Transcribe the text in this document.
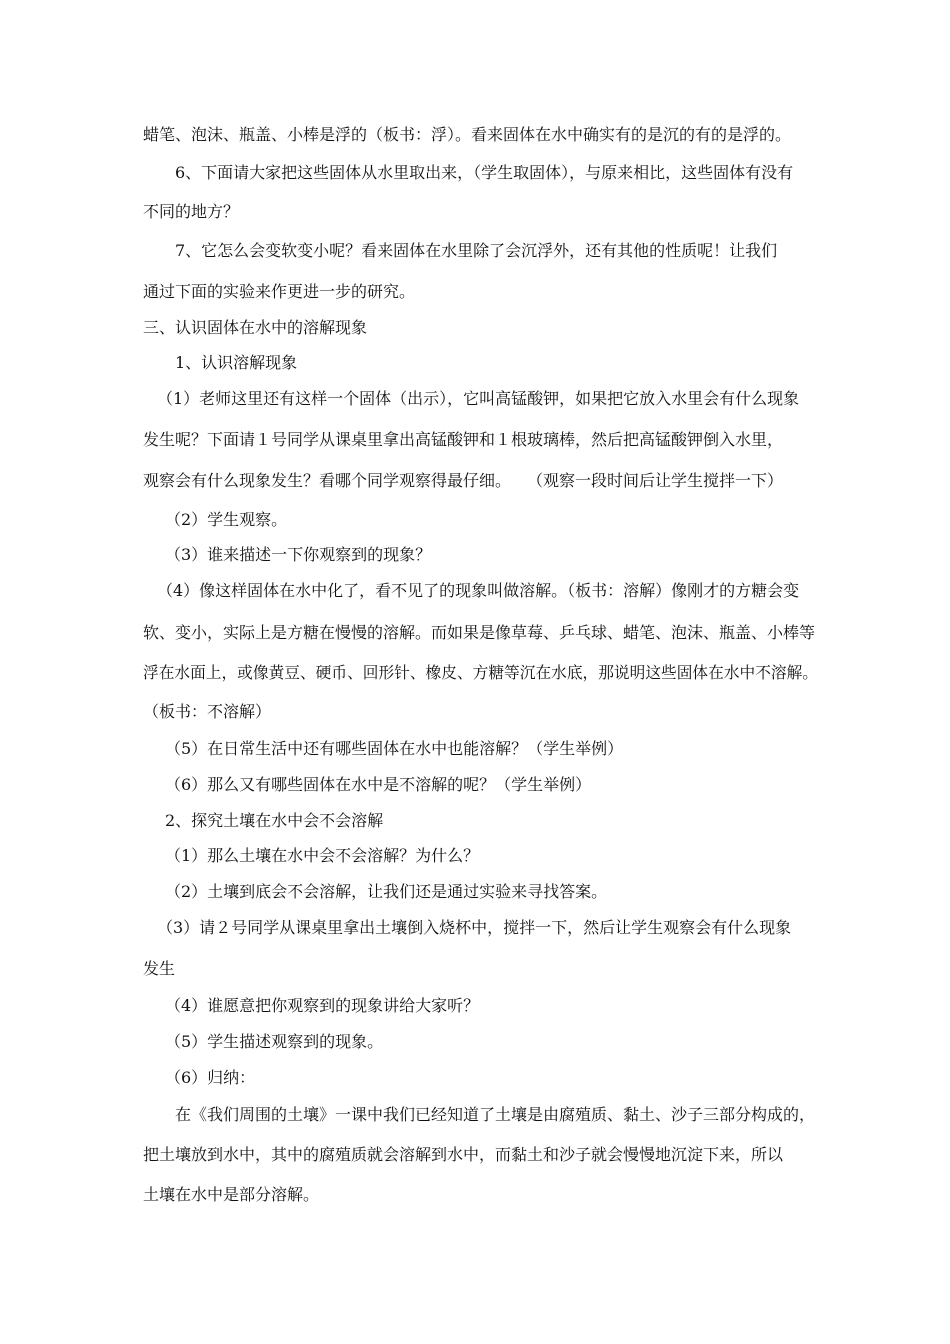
蜡笔、泡沫、瓶盖、小棒是浮的（板书：浮）。看来固体在水中确实有的是沉的有的是浮的。
6、下面请大家把这些固体从水里取出来，（学生取固体），与原来相比，这些固体有没有
不同的地方？
7、它怎么会变软变小呢？看来固体在水里除了会沉浮外，还有其他的性质呢！让我们
通过下面的实验来作更进一步的研究。
三、认识固体在水中的溶解现象
1、认识溶解现象
（1）老师这里还有这样一个固体（出示），它叫高锰酸钾，如果把它放入水里会有什么现象
发生呢？下面请１号同学从课桌里拿出高锰酸钾和１根玻璃棒，然后把高锰酸钾倒入水里，
观察会有什么现象发生？看哪个同学观察得最仔细。　　（观察一段时间后让学生搅拌一下）
（2）学生观察。
（3）谁来描述一下你观察到的现象？
（4）像这样固体在水中化了，看不见了的现象叫做溶解。（板书：溶解）像刚才的方糖会变
软、变小，实际上是方糖在慢慢的溶解。而如果是像草莓、乒乓球、蜡笔、泡沫、瓶盖、小棒等
浮在水面上，或像黄豆、硬币、回形针、橡皮、方糖等沉在水底，那说明这些固体在水中不溶解。
（板书：不溶解）
（5）在日常生活中还有哪些固体在水中也能溶解？（学生举例）
（6）那么又有哪些固体在水中是不溶解的呢？（学生举例）
2、探究土壤在水中会不会溶解
（1）那么土壤在水中会不会溶解？为什么？
（2）土壤到底会不会溶解，让我们还是通过实验来寻找答案。
（3）请２号同学从课桌里拿出土壤倒入烧杯中，搅拌一下，然后让学生观察会有什么现象
发生
（4）谁愿意把你观察到的现象讲给大家听？
（5）学生描述观察到的现象。
（6）归纳：
在《我们周围的土壤》一课中我们已经知道了土壤是由腐殖质、黏土、沙子三部分构成的，
把土壤放到水中，其中的腐殖质就会溶解到水中，而黏土和沙子就会慢慢地沉淀下来，所以
土壤在水中是部分溶解。
